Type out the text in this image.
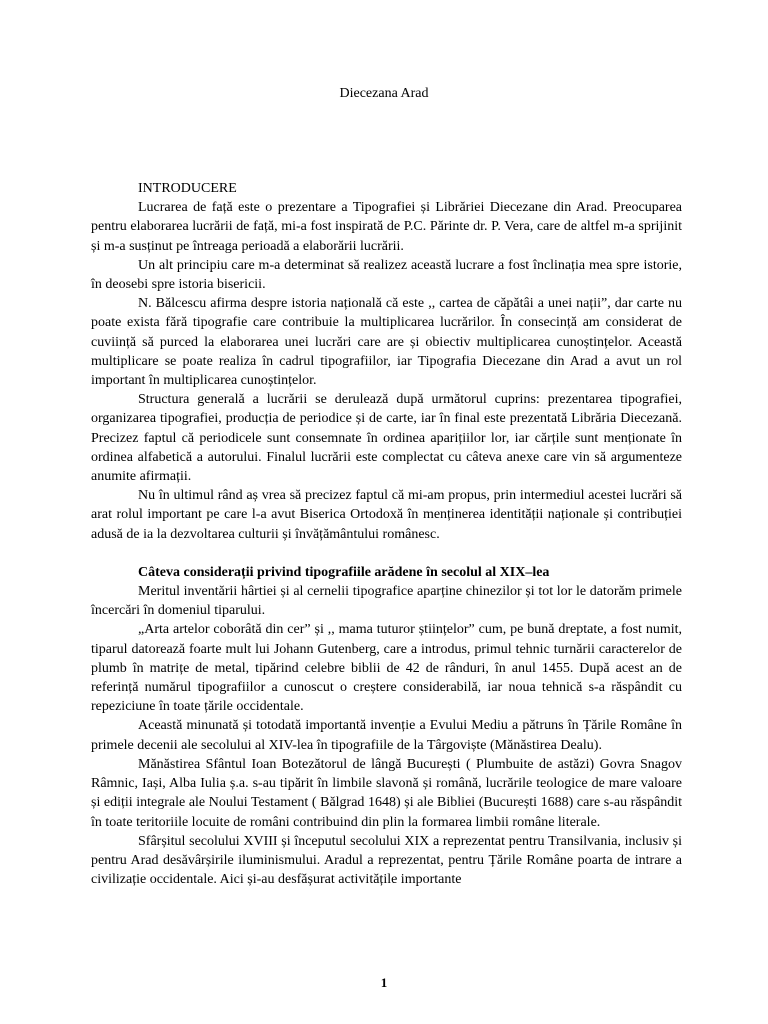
Diecezana Arad
INTRODUCERE

Lucrarea de față este o prezentare a Tipografiei și Librăriei Diecezane din Arad. Preocuparea pentru elaborarea lucrării de față, mi-a fost inspirată de P.C. Părinte dr. P. Vera, care de altfel m-a sprijinit și m-a susținut pe întreaga perioadă a elaborării lucrării.

Un alt principiu care m-a determinat să realizez această lucrare a fost înclinația mea spre istorie, în deosebi spre istoria bisericii.

N. Bălcescu afirma despre istoria națională că este ,, cartea de căpătâi a unei nații”, dar carte nu poate exista fără tipografie care contribuie la multiplicarea lucrărilor. În consecință am considerat de cuviință să purced la elaborarea unei lucrări care are și obiectiv multiplicarea cunoștințelor. Această multiplicare se poate realiza în cadrul tipografiilor, iar Tipografia Diecezane din Arad a avut un rol important în multiplicarea cunoștințelor.

Structura generală a lucrării se derulează după următorul cuprins: prezentarea tipografiei, organizarea tipografiei, producția de periodice și de carte, iar în final este prezentată Librăria Diecezană. Precizez faptul că periodicele sunt consemnate în ordinea aparițiilor lor, iar cărțile sunt menționate în ordinea alfabetică a autorului. Finalul lucrării este complectat cu câteva anexe care vin să argumenteze anumite afirmații.

Nu în ultimul rând aș vrea să precizez faptul că mi-am propus, prin intermediul acestei lucrări să arat rolul important pe care l-a avut Biserica Ortodoxă în menținerea identității naționale și contribuției adusă de ia la dezvoltarea culturii și învățământului românesc.

Câteva considerații privind tipografiile arădene în secolul al XIX–lea

Meritul inventării hârtiei și al cernelii tipografice aparține chinezilor și tot lor le datorăm primele încercări în domeniul tiparului.

„Arta artelor coborâtă din cer” și ,, mama tuturor științelor” cum, pe bună dreptate, a fost numit, tiparul datorează foarte mult lui Johann Gutenberg, care a introdus, primul tehnic turnării caracterelor de plumb în matrițe de metal, tipărind celebre biblii de 42 de rânduri, în anul 1455. După acest an de referință numărul tipografiilor a cunoscut o creștere considerabilă, iar noua tehnică s-a răspândit cu repeziciune în toate țările occidentale.

Această minunată și totodată importantă invenție a Evului Mediu a pătruns în Țările Române în primele decenii ale secolului al XIV-lea în tipografiile de la Târgoviște (Mănăstirea Dealu).

Mănăstirea Sfântul Ioan Botezătorul de lângă București ( Plumbuite de astăzi) Govra Snagov Râmnic, Iași, Alba Iulia ș.a. s-au tipărit în limbile slavonă și română, lucrările teologice de mare valoare și ediții integrale ale Noului Testament ( Bălgrad 1648) și ale Bibliei (București 1688) care s-au răspândit în toate teritoriile locuite de români contribuind din plin la formarea limbii române literale.

Sfârșitul secolului XVIII și începutul secolului XIX a reprezentat pentru Transilvania, inclusiv și pentru Arad desăvârșirile iluminismului. Aradul a reprezentat, pentru Țările Române poarta de intrare a civilizație occidentale. Aici și-au desfășurat activitățile importante

1
